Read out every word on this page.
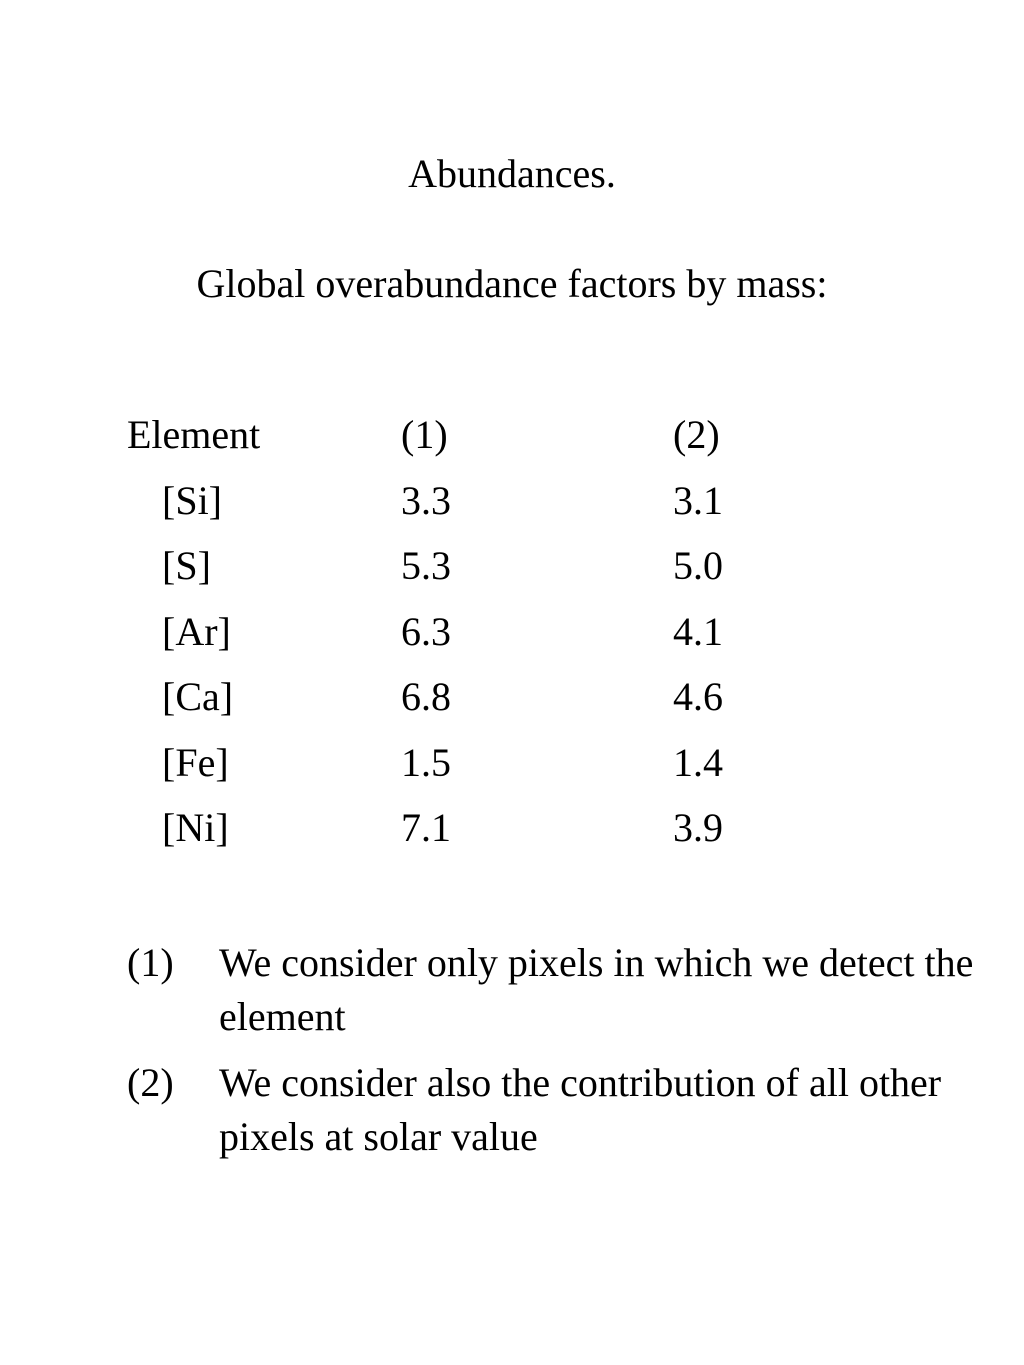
Abundances.
Global overabundance factors by mass:
Element	(1)	(2)
[Si]	3.3	3.1
[S]	5.3	5.0
[Ar]	6.3	4.1
[Ca]	6.8	4.6
[Fe]	1.5	1.4
[Ni]	7.1	3.9
(1) We consider only pixels in which we detect the element
(2) We consider also the contribution of all other pixels at solar value
